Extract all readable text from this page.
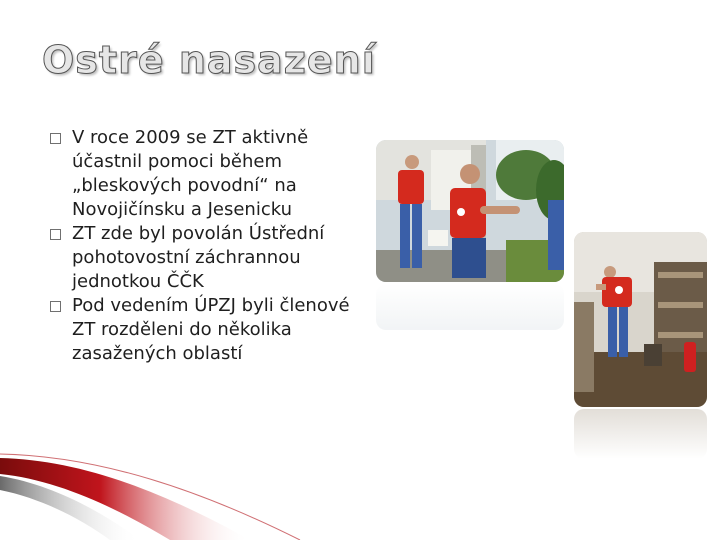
Ostré nasazení
V roce 2009 se ZT aktivně účastnil pomoci během „bleskových povodní“ na Novojičínsku a Jesenicku
ZT zde byl povolán Ústřední pohotovostní záchrannou jednotkou ČČK
Pod vedením ÚPZJ byli členové ZT rozděleni do několika zasažených oblastí
